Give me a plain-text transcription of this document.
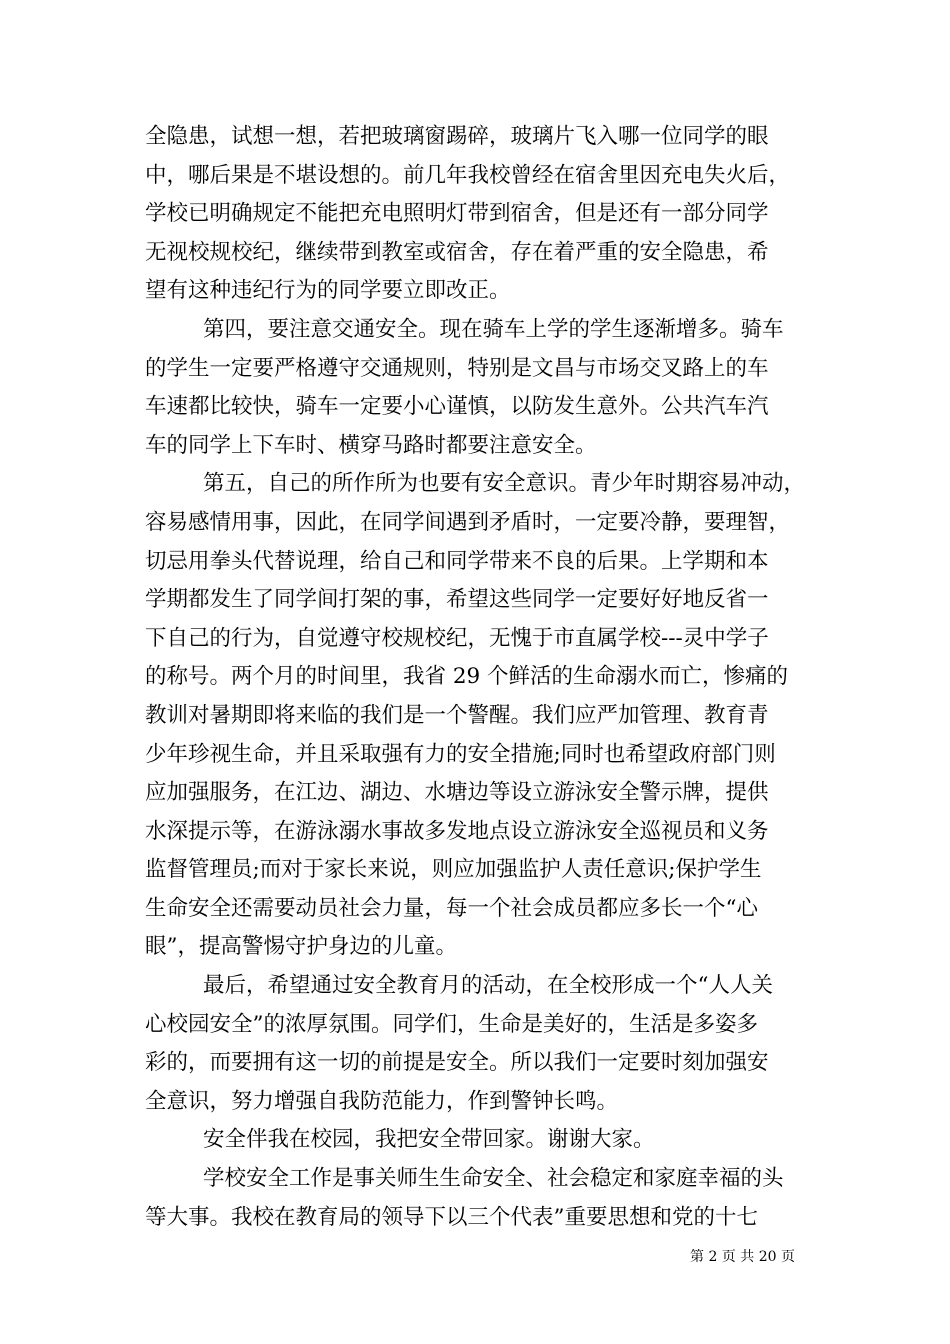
全隐患，试想一想，若把玻璃窗踢碎，玻璃片飞入哪一位同学的眼
中，哪后果是不堪设想的。前几年我校曾经在宿舍里因充电失火后，
学校已明确规定不能把充电照明灯带到宿舍，但是还有一部分同学
无视校规校纪，继续带到教室或宿舍，存在着严重的安全隐患，希
望有这种违纪行为的同学要立即改正。
第四，要注意交通安全。现在骑车上学的学生逐渐增多。骑车
的学生一定要严格遵守交通规则，特别是文昌与市场交叉路上的车
车速都比较快，骑车一定要小心谨慎，以防发生意外。公共汽车汽
车的同学上下车时、横穿马路时都要注意安全。
第五，自己的所作所为也要有安全意识。青少年时期容易冲动，
容易感情用事，因此，在同学间遇到矛盾时，一定要冷静，要理智，
切忌用拳头代替说理，给自己和同学带来不良的后果。上学期和本
学期都发生了同学间打架的事，希望这些同学一定要好好地反省一
下自己的行为，自觉遵守校规校纪，无愧于市直属学校---灵中学子
的称号。两个月的时间里，我省 29 个鲜活的生命溺水而亡，惨痛的
教训对暑期即将来临的我们是一个警醒。我们应严加管理、教育青
少年珍视生命，并且采取强有力的安全措施;同时也希望政府部门则
应加强服务，在江边、湖边、水塘边等设立游泳安全警示牌，提供
水深提示等，在游泳溺水事故多发地点设立游泳安全巡视员和义务
监督管理员;而对于家长来说，则应加强监护人责任意识;保护学生
生命安全还需要动员社会力量，每一个社会成员都应多长一个“心
眼”，提高警惕守护身边的儿童。
最后，希望通过安全教育月的活动，在全校形成一个“人人关
心校园安全”的浓厚氛围。同学们，生命是美好的，生活是多姿多
彩的，而要拥有这一切的前提是安全。所以我们一定要时刻加强安
全意识，努力增强自我防范能力，作到警钟长鸣。
安全伴我在校园，我把安全带回家。谢谢大家。
学校安全工作是事关师生生命安全、社会稳定和家庭幸福的头
等大事。我校在教育局的领导下以三个代表”重要思想和党的十七
第 2 页 共 20 页
